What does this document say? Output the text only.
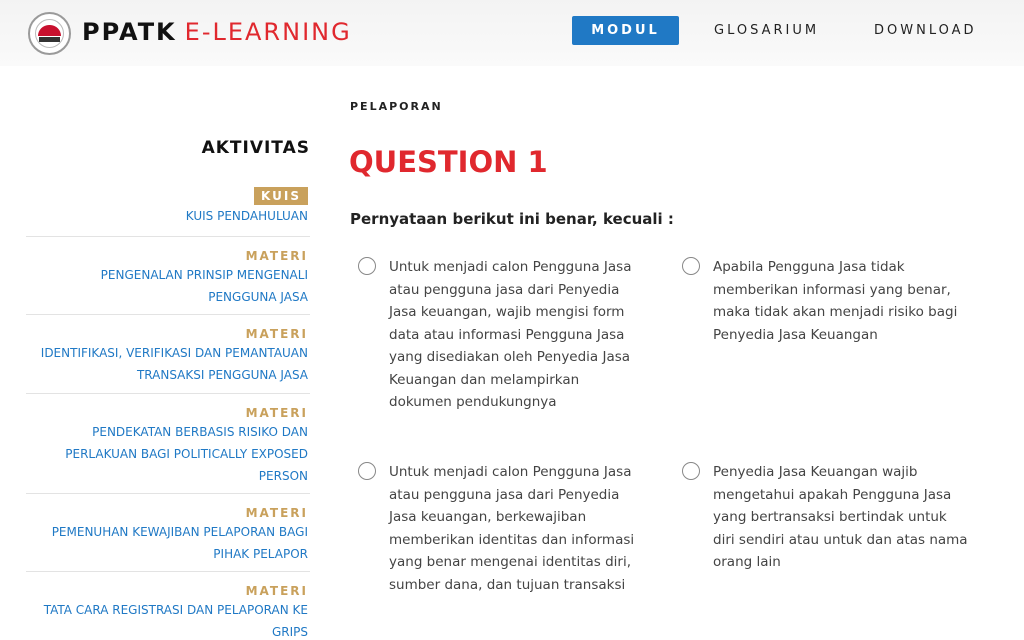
PPATK E-LEARNING	MODUL	GLOSARIUM	DOWNLOAD
AKTIVITAS
KUIS
KUIS PENDAHULUAN
MATERI
PENGENALAN PRINSIP MENGENALI PENGGUNA JASA
MATERI
IDENTIFIKASI, VERIFIKASI DAN PEMANTAUAN TRANSAKSI PENGGUNA JASA
MATERI
PENDEKATAN BERBASIS RISIKO DAN PERLAKUAN BAGI POLITICALLY EXPOSED PERSON
MATERI
PEMENUHAN KEWAJIBAN PELAPORAN BAGI PIHAK PELAPOR
MATERI
TATA CARA REGISTRASI DAN PELAPORAN KE GRIPS
PELAPORAN
QUESTION 1
Pernyataan berikut ini benar, kecuali :
Untuk menjadi calon Pengguna Jasa atau pengguna jasa dari Penyedia Jasa keuangan, wajib mengisi form data atau informasi Pengguna Jasa yang disediakan oleh Penyedia Jasa Keuangan dan melampirkan dokumen pendukungnya
Apabila Pengguna Jasa tidak memberikan informasi yang benar, maka tidak akan menjadi risiko bagi Penyedia Jasa Keuangan
Untuk menjadi calon Pengguna Jasa atau pengguna jasa dari Penyedia Jasa keuangan, berkewajiban memberikan identitas dan informasi yang benar mengenai identitas diri, sumber dana, dan tujuan transaksi
Penyedia Jasa Keuangan wajib mengetahui apakah Pengguna Jasa yang bertransaksi bertindak untuk diri sendiri atau untuk dan atas nama orang lain
